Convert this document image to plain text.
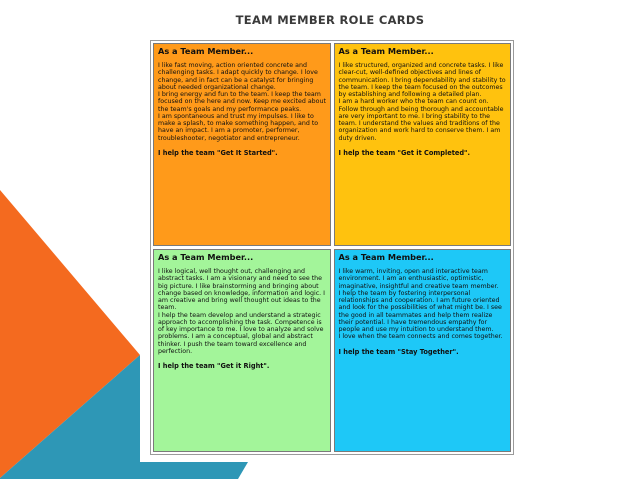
TEAM MEMBER ROLE CARDS
As a Team Member...

I like fast moving, action oriented concrete and challenging tasks. I adapt quickly to change. I love change, and in fact can be a catalyst for bringing about needed organizational change.

I bring energy and fun to the team. I keep the team focused on the here and now. Keep me excited about the team's goals and my performance peaks.

I am spontaneous and trust my impulses. I like to make a splash, to make something happen, and to have an impact. I am a promoter, performer, troubleshooter, negotiator and entrepreneur.

I help the team "Get It Started".
As a Team Member...

I like structured, organized and concrete tasks. I like clear-cut, well-defined objectives and lines of communication. I bring dependability and stability to the team. I keep the team focused on the outcomes by establishing and following a detailed plan.

I am a hard worker who the team can count on. Follow through and being thorough and accountable are very important to me. I bring stability to the team. I understand the values and traditions of the organization and work hard to conserve them. I am duty driven.

I help the team "Get it Completed".
As a Team Member...

I like logical, well thought out, challenging and abstract tasks. I am a visionary and need to see the big picture. I like brainstorming and bringing about change based on knowledge, information and logic. I am creative and bring well thought out ideas to the team.

I help the team develop and understand a strategic approach to accomplishing the task. Competence is of key importance to me. I love to analyze and solve problems. I am a conceptual, global and abstract thinker. I push the team toward excellence and perfection.

I help the team "Get it Right".
As a Team Member...

I like warm, inviting, open and interactive team environment. I am an enthusiastic, optimistic, imaginative, insightful and creative team member.

I help the team by fostering interpersonal relationships and cooperation. I am future oriented and look for the possibilities of what might be. I see the good in all teammates and help them realize their potential. I have tremendous empathy for people and use my intuition to understand them.

I love when the team connects and comes together.

I help the team "Stay Together".
